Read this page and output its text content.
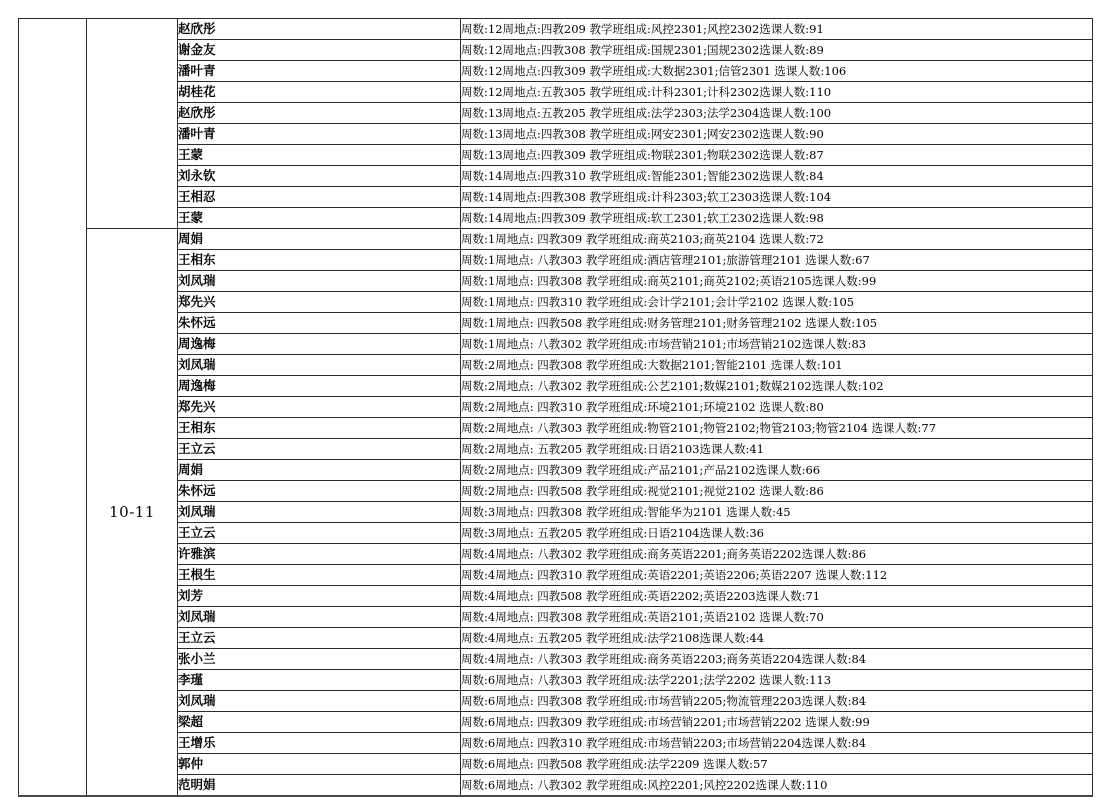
		赵欣彤	周数:12周地点:四教209 教学班组成:风控2301;风控2302选课人数:91
		谢金友	周数:12周地点:四教308 教学班组成:国规2301;国规2302选课人数:89
		潘叶青	周数:12周地点:四教309 教学班组成:大数据2301;信管2301 选课人数:106
		胡桂花	周数:12周地点:五教305 教学班组成:计科2301;计科2302选课人数:110
		赵欣彤	周数:13周地点:五教205 教学班组成:法学2303;法学2304选课人数:100
		潘叶青	周数:13周地点:四教308 教学班组成:网安2301;网安2302选课人数:90
		王蒙	周数:13周地点:四教309 教学班组成:物联2301;物联2302选课人数:87
		刘永钦	周数:14周地点:四教310 教学班组成:智能2301;智能2302选课人数:84
		王相忍	周数:14周地点:四教308 教学班组成:计科2303;软工2303选课人数:104
		王蒙	周数:14周地点:四教309 教学班组成:软工2301;软工2302选课人数:98
	10-11	周娟	周数:1周地点: 四教309 教学班组成:商英2103;商英2104 选课人数:72
		王相东	周数:1周地点: 八教303 教学班组成:酒店管理2101;旅游管理2101 选课人数:67
		刘凤瑞	周数:1周地点: 四教308 教学班组成:商英2101;商英2102;英语2105选课人数:99
		郑先兴	周数:1周地点: 四教310 教学班组成:会计学2101;会计学2102 选课人数:105
		朱怀远	周数:1周地点: 四教508 教学班组成:财务管理2101;财务管理2102 选课人数:105
		周逸梅	周数:1周地点: 八教302 教学班组成:市场营销2101;市场营销2102选课人数:83
		刘凤瑞	周数:2周地点: 四教308 教学班组成:大数据2101;智能2101 选课人数:101
		周逸梅	周数:2周地点: 八教302 教学班组成:公艺2101;数媒2101;数媒2102选课人数:102
		郑先兴	周数:2周地点: 四教310 教学班组成:环境2101;环境2102 选课人数:80
		王相东	周数:2周地点: 八教303 教学班组成:物管2101;物管2102;物管2103;物管2104 选课人数:77
		王立云	周数:2周地点: 五教205 教学班组成:日语2103选课人数:41
		周娟	周数:2周地点: 四教309 教学班组成:产品2101;产品2102选课人数:66
		朱怀远	周数:2周地点: 四教508 教学班组成:视觉2101;视觉2102 选课人数:86
		刘凤瑞	周数:3周地点: 四教308 教学班组成:智能华为2101 选课人数:45
		王立云	周数:3周地点: 五教205 教学班组成:日语2104选课人数:36
		许雅滨	周数:4周地点: 八教302 教学班组成:商务英语2201;商务英语2202选课人数:86
		王根生	周数:4周地点: 四教310 教学班组成:英语2201;英语2206;英语2207 选课人数:112
		刘芳	周数:4周地点: 四教508 教学班组成:英语2202;英语2203选课人数:71
		刘凤瑞	周数:4周地点: 四教308 教学班组成:英语2101;英语2102 选课人数:70
		王立云	周数:4周地点: 五教205 教学班组成:法学2108选课人数:44
		张小兰	周数:4周地点: 八教303 教学班组成:商务英语2203;商务英语2204选课人数:84
		李瑾	周数:6周地点: 八教303 教学班组成:法学2201;法学2202 选课人数:113
		刘凤瑞	周数:6周地点: 四教308 教学班组成:市场营销2205;物流管理2203选课人数:84
		梁超	周数:6周地点: 四教309 教学班组成:市场营销2201;市场营销2202 选课人数:99
		王增乐	周数:6周地点: 四教310 教学班组成:市场营销2203;市场营销2204选课人数:84
		郭仲	周数:6周地点: 四教508 教学班组成:法学2209 选课人数:57
		范明娟	周数:6周地点: 八教302 教学班组成:风控2201;风控2202选课人数:110
